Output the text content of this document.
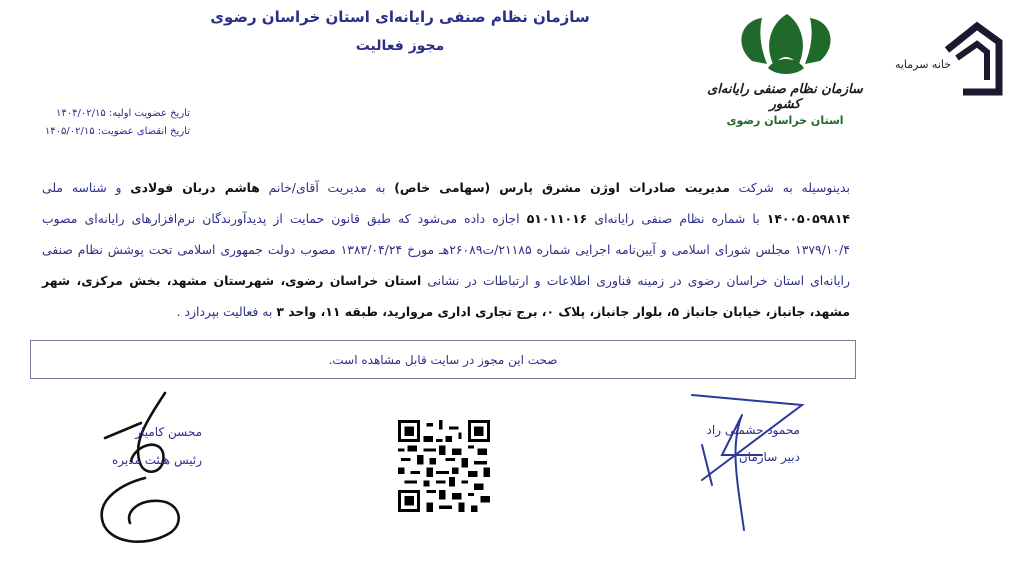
سازمان نظام صنفی رایانه‌ای استان خراسان رضوی
مجوز فعالیت
تاریخ عضویت اولیه: ۱۴۰۴/۰۲/۱۵
تاریخ انقضای عضویت: ۱۴۰۵/۰۲/۱۵
سازمان نظام صنفی رایانه‌ای کشور
استان خراسان رضوی
خانه سرمایه
بدینوسیله به شرکت مدیریت صادرات اوژن مشرق پارس (سهامی خاص) به مدیریت آقای/خانم هاشم دربان فولادی و شناسه ملی ۱۴۰۰۵۰۵۹۸۱۴ با شماره نظام صنفی رایانه‌ای ۵۱۰۱۱۰۱۶ اجازه داده می‌شود که طبق قانون حمایت از پدیدآورندگان نرم‌افزارهای رایانه‌ای مصوب ۱۳۷۹/۱۰/۴ مجلس شورای اسلامی و آیین‌نامه اجرایی شماره ۲۱۱۸۵/ت۲۶۰۸۹هـ مورخ ۱۳۸۳/۰۴/۲۴ مصوب دولت جمهوری اسلامی تحت پوشش نظام صنفی رایانه‌ای استان خراسان رضوی در زمینه فناوری اطلاعات و ارتباطات در نشانی استان خراسان رضوی، شهرستان مشهد، بخش مرکزی، شهر مشهد، جانباز، خیابان جانباز ۵، بلوار جانباز، پلاک ۰، برج تجاری اداری مروارید، طبقه ۱۱، واحد ۳ به فعالیت بپردازد .
صحت این مجوز در سایت قابل مشاهده است.
محسن کامیار
رئیس هیئت مدیره
محمود حشمتی راد
دبیر سازمان
